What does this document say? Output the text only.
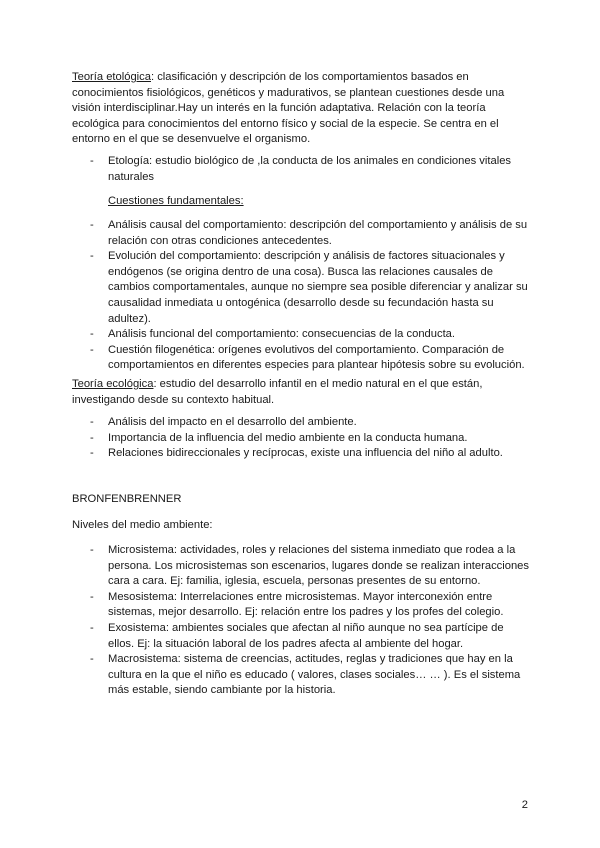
Teoría etológica: clasificación y descripción de los comportamientos basados en conocimientos fisiológicos, genéticos y madurativos, se plantean cuestiones desde una visión interdisciplinar.Hay un interés en la función adaptativa. Relación con la teoría ecológica para conocimientos del entorno físico y social de la especie. Se centra en el entorno en el que se desenvuelve el organismo.

- Etología: estudio biológico de ,la conducta de los animales en condiciones vitales naturales

Cuestiones fundamentales:

- Análisis causal del comportamiento: descripción del comportamiento y análisis de su relación con otras condiciones antecedentes.
- Evolución del comportamiento: descripción y análisis de factores situacionales y endógenos (se origina dentro de una cosa). Busca las relaciones causales de cambios comportamentales, aunque no siempre sea posible diferenciar y analizar su causalidad inmediata u ontogénica (desarrollo desde su fecundación hasta su adultez).
- Análisis funcional del comportamiento: consecuencias de la conducta.
- Cuestión filogenética: orígenes evolutivos del comportamiento. Comparación de comportamientos en diferentes especies para plantear hipótesis sobre su evolución.

Teoría ecológica: estudio del desarrollo infantil en el medio natural en el que están, investigando desde su contexto habitual.

- Análisis del impacto en el desarrollo del ambiente.
- Importancia de la influencia del medio ambiente en la conducta humana.
- Relaciones bidireccionales y recíprocas, existe una influencia del niño al adulto.

BRONFENBRENNER

Niveles del medio ambiente:

- Microsistema: actividades, roles y relaciones del sistema inmediato que rodea a la persona. Los microsistemas son escenarios, lugares donde se realizan interacciones cara a cara. Ej: familia, iglesia, escuela, personas presentes de su entorno.
- Mesosistema: Interrelaciones entre microsistemas. Mayor interconexión entre sistemas, mejor desarrollo. Ej: relación entre los padres y los profes del colegio.
- Exosistema: ambientes sociales que afectan al niño aunque no sea partícipe de ellos. Ej: la situación laboral de los padres afecta al ambiente del hogar.
- Macrosistema: sistema de creencias, actitudes, reglas y tradiciones que hay en la cultura en la que el niño es educado ( valores, clases sociales… … ). Es el sistema más estable, siendo cambiante por la historia.
2
